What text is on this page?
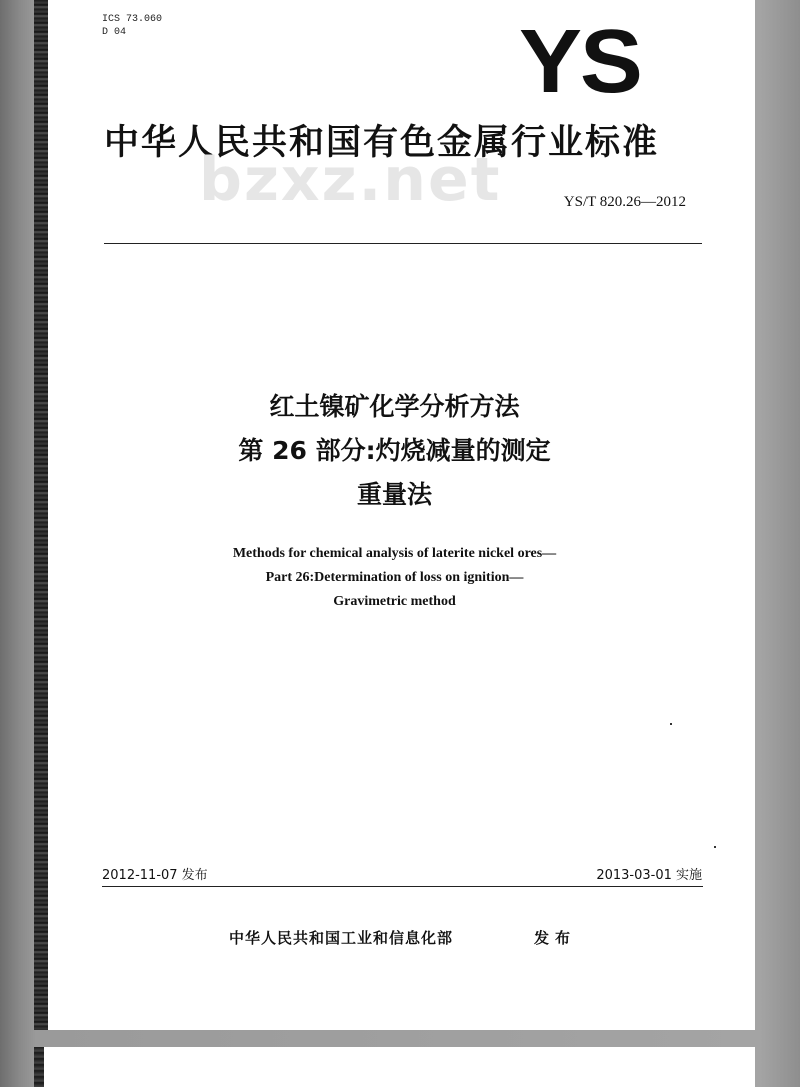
ICS 73.060
D 04	YS
中华人民共和国有色金属行业标准
bzxz.net	YS/T 820.26—2012
红土镍矿化学分析方法
第 26 部分:灼烧减量的测定
重量法
Methods for chemical analysis of laterite nickel ores—
Part 26:Determination of loss on ignition—
Gravimetric method
2012-11-07 发布	2013-03-01 实施
中华人民共和国工业和信息化部	发布
